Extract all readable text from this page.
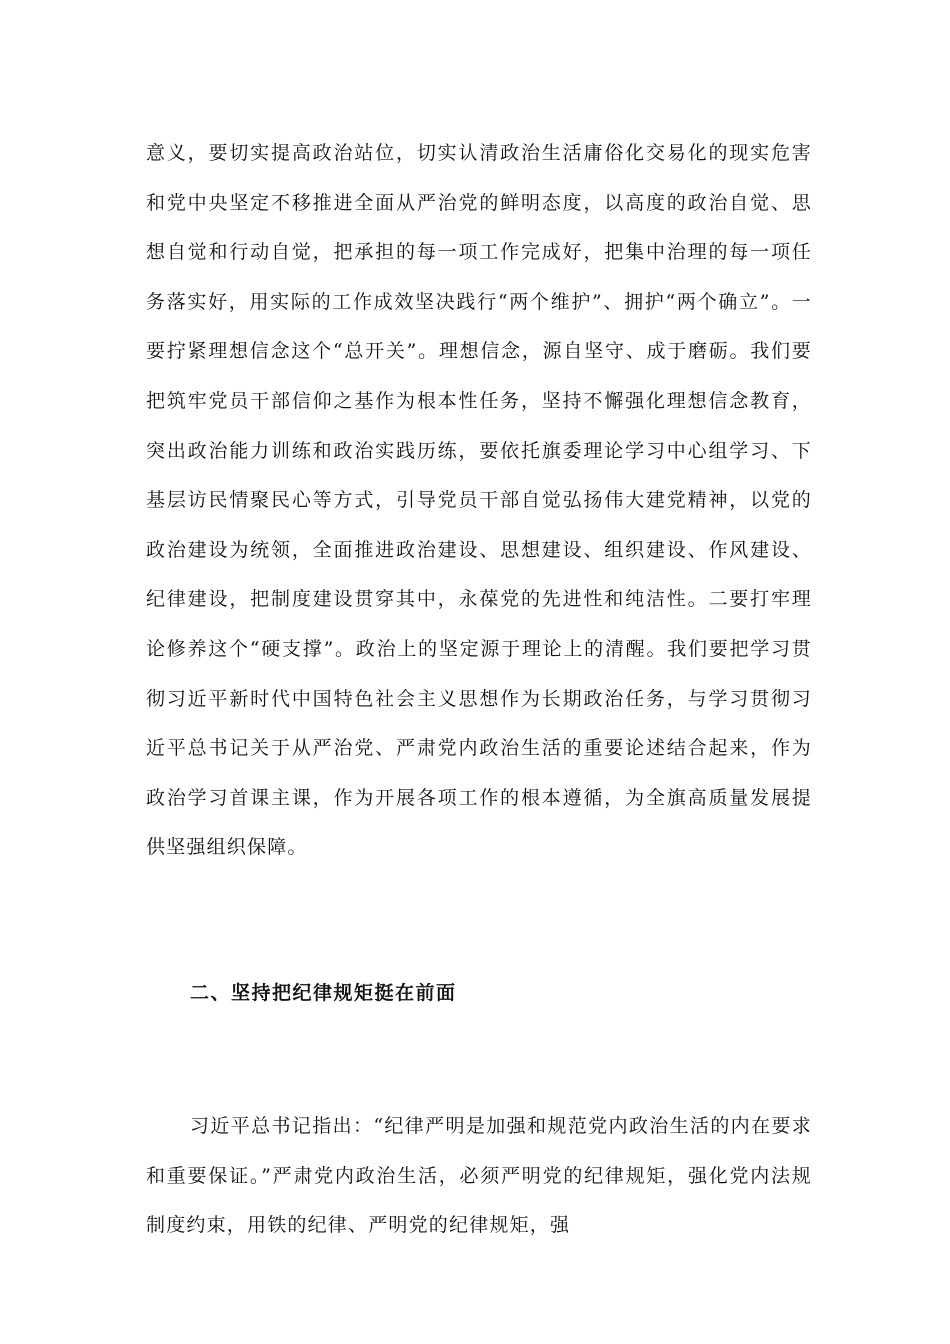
意义，要切实提高政治站位，切实认清政治生活庸俗化交易化的现实危害和党中央坚定不移推进全面从严治党的鲜明态度，以高度的政治自觉、思想自觉和行动自觉，把承担的每一项工作完成好，把集中治理的每一项任务落实好，用实际的工作成效坚决践行“两个维护”、拥护“两个确立”。一要拧紧理想信念这个“总开关”。理想信念，源自坚守、成于磨砺。我们要把筑牢党员干部信仰之基作为根本性任务，坚持不懈强化理想信念教育，突出政治能力训练和政治实践历练，要依托旗委理论学习中心组学习、下基层访民情聚民心等方式，引导党员干部自觉弘扬伟大建党精神，以党的政治建设为统领，全面推进政治建设、思想建设、组织建设、作风建设、纪律建设，把制度建设贯穿其中，永葆党的先进性和纯洁性。二要打牢理论修养这个“硬支撑”。政治上的坚定源于理论上的清醒。我们要把学习贯彻习近平新时代中国特色社会主义思想作为长期政治任务，与学习贯彻习近平总书记关于从严治党、严肃党内政治生活的重要论述结合起来，作为政治学习首课主课，作为开展各项工作的根本遵循，为全旗高质量发展提供坚强组织保障。

二、坚持把纪律规矩挺在前面

习近平总书记指出：“纪律严明是加强和规范党内政治生活的内在要求和重要保证。”严肃党内政治生活，必须严明党的纪律规矩，强化党内法规制度约束，用铁的纪律、严明党的纪律规矩，强
